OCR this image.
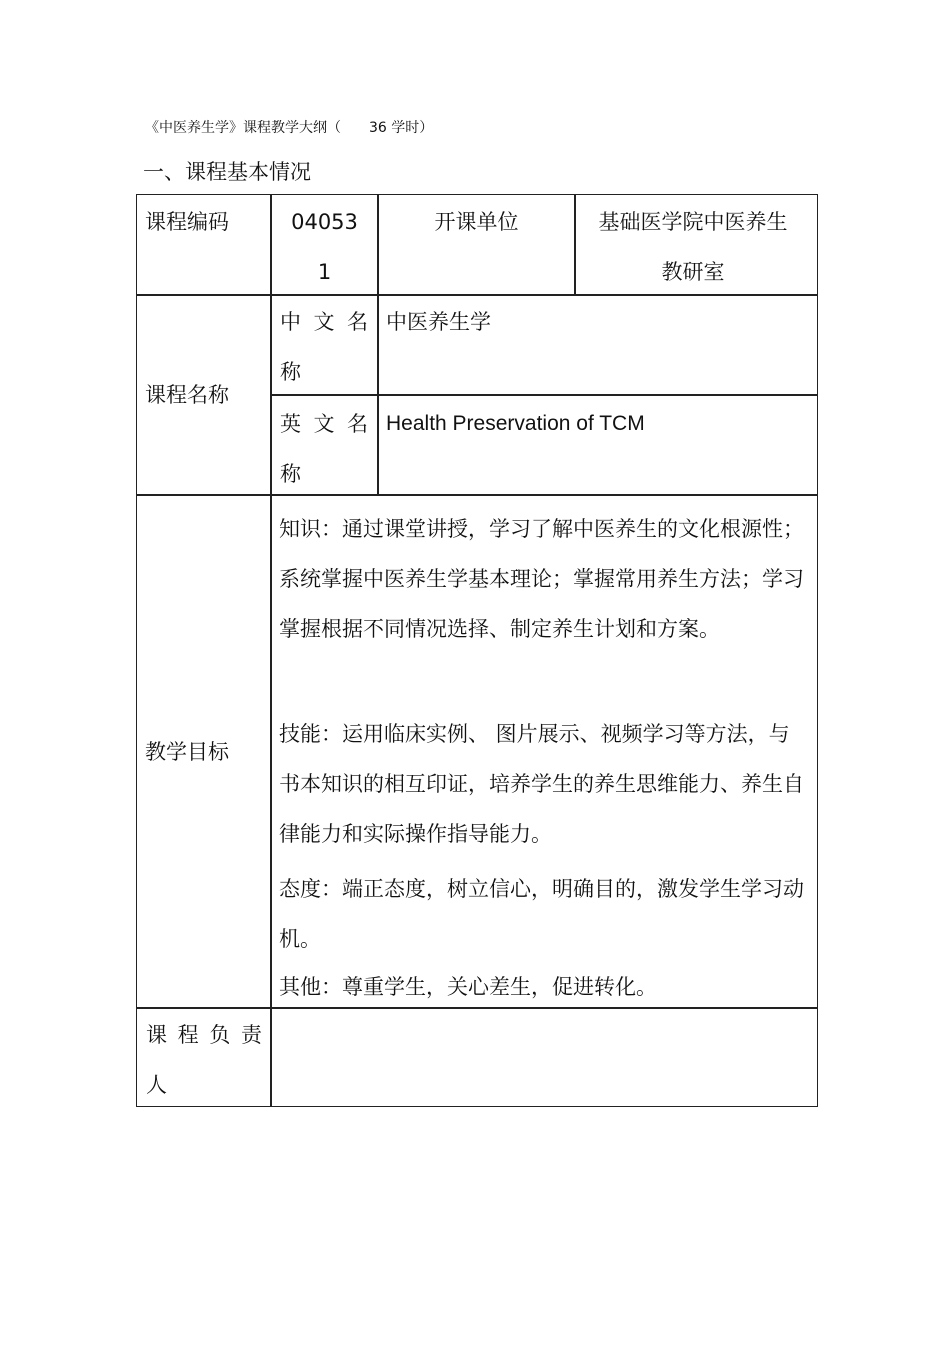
《中医养生学》课程教学大纲（　　36 学时）
一、课程基本情况
课程编码	040531
开课单位	基础医学院中医养生教研室
课程名称
中 文 名 称
中医养生学
英 文 名 称
Health Preservation of TCM
教学目标
知识：通过课堂讲授，学习了解中医养生的文化根源性；系统掌握中医养生学基本理论；掌握常用养生方法；学习掌握根据不同情况选择、制定养生计划和方案。
技能：运用临床实例、 图片展示、视频学习等方法，与书本知识的相互印证，培养学生的养生思维能力、养生自律能力和实际操作指导能力。
态度：端正态度，树立信心，明确目的，激发学生学习动机。
其他：尊重学生，关心差生，促进转化。
课 程 负 责 人
